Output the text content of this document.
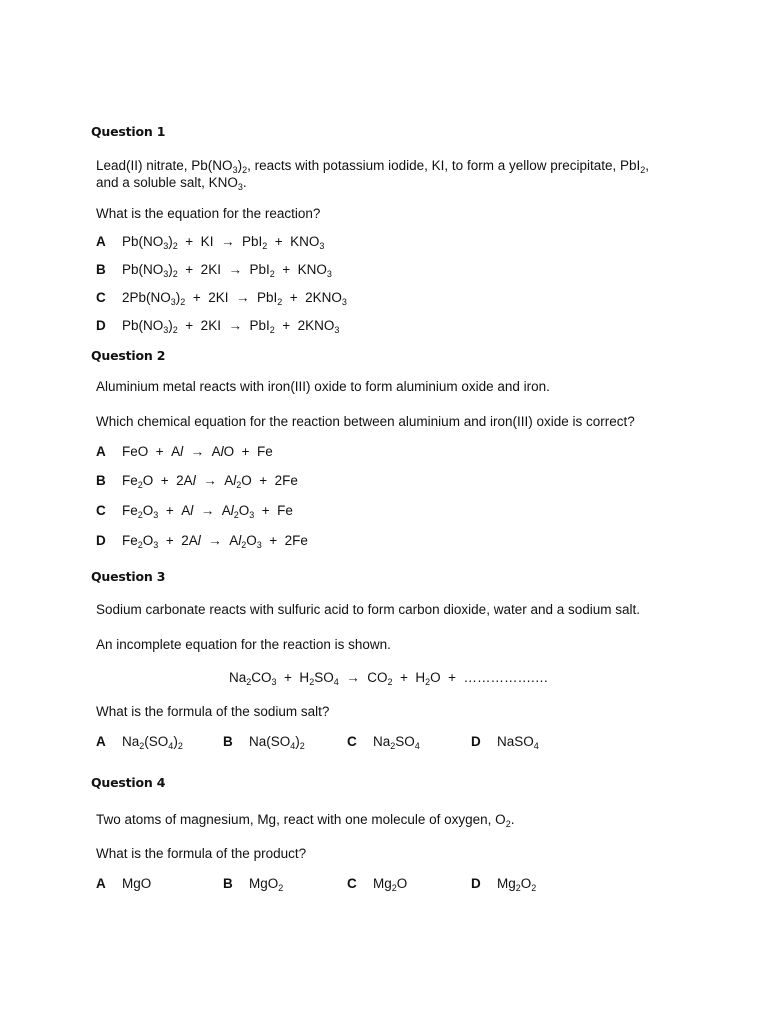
Question 1
Lead(II) nitrate, $Pb(NO_3)_2$, reacts with potassium iodide, KI, to form a yellow precipitate, PbI$_2$,
and a soluble salt, $KNO_3$.
What is the equation for the reaction?
A $Pb(NO_3)_2$  +  KI  →  $PbI_2 + KNO_3$
B $Pb(NO_3)_2 + 2KI \to PbI_2 + KNO_3$
C $2Pb(NO_3)_2 + 2KI \to PbI_2 + 2KNO_3$
D $Pb(NO_3)_2 + 2KI \to PbI_2 + 2KNO_3$
Question 2
Aluminium metal reacts with iron(III) oxide to form aluminium oxide and iron.
Which chemical equation for the reaction between aluminium and iron(III) oxide is correct?
A FeO  +  Al  →  AlO  +  Fe
B $Fe_2O + 2Al \to Al_2O + 2Fe$
C $Fe_2O_3 + Al \to Al_2O_3 + Fe$
D $Fe_2O_3 + 2Al \to Al_2O_3 + 2Fe$
Question 3
Sodium carbonate reacts with sulfuric acid to form carbon dioxide, water and a sodium salt.
An incomplete equation for the reaction is shown.
$Na_2CO_3 + H_2SO_4 \to CO_2 + H_2O$  +  …………….…
What is the formula of the sodium salt?
A $Na_2(SO_4)_2$	B $Na(SO_4)_2$	C $Na_2SO_4$	D NaSO$_4$
Question 4
Two atoms of magnesium, Mg, react with one molecule of oxygen, $O_2$.
What is the formula of the product?
A MgO	B MgO$_2$	C $Mg_2O$	D $Mg_2O_2$
